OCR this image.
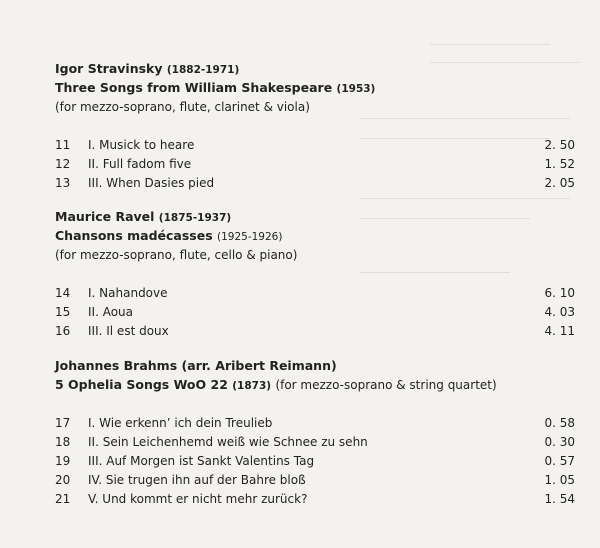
Igor Stravinsky (1882-1971)
Three Songs from William Shakespeare (1953)
(for mezzo-soprano, flute, clarinet & viola)
11 I. Musick to heare	2. 50
12 II. Full fadom five	1. 52
13 III. When Dasies pied	2. 05
Maurice Ravel (1875-1937)
Chansons madécasses (1925-1926)
(for mezzo-soprano, flute, cello & piano)
14 I. Nahandove	6. 10
15 II. Aoua	4. 03
16 III. Il est doux	4. 11
Johannes Brahms (arr. Aribert Reimann)
5 Ophelia Songs WoO 22 (1873) (for mezzo-soprano & string quartet)
17 I. Wie erkenn’ ich dein Treulieb	0. 58
18 II. Sein Leichenhemd weiß wie Schnee zu sehn	0. 30
19 III. Auf Morgen ist Sankt Valentins Tag	0. 57
20 IV. Sie trugen ihn auf der Bahre bloß	1. 05
21 V. Und kommt er nicht mehr zurück?	1. 54
